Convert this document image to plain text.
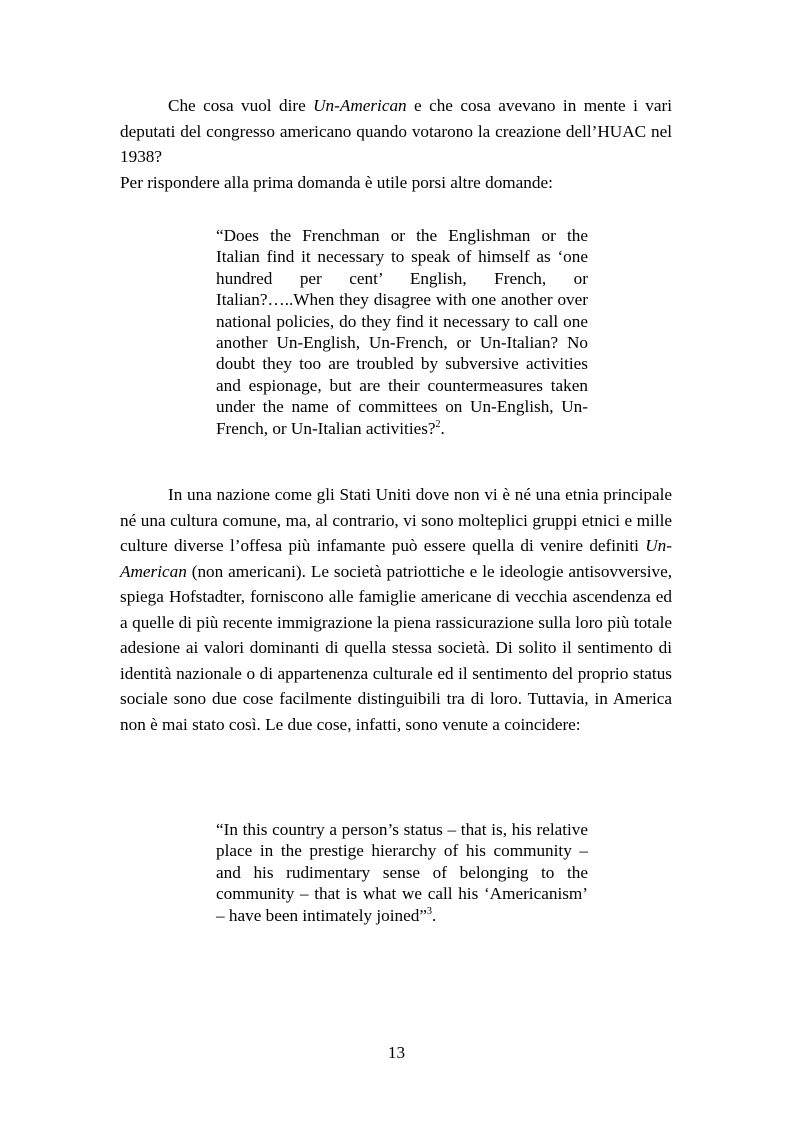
Che cosa vuol dire Un-American e che cosa avevano in mente i vari deputati del congresso americano quando votarono la creazione dell’HUAC nel 1938?

Per rispondere alla prima domanda è utile porsi altre domande:

“Does the Frenchman or the Englishman or the Italian find it necessary to speak of himself as ‘one hundred per cent’ English, French, or Italian?…..When they disagree with one another over national policies, do they find it necessary to call one another Un-English, Un-French, or Un-Italian? No doubt they too are troubled by subversive activities and espionage, but are their countermeasures taken under the name of committees on Un-English, Un-French, or Un-Italian activities?$^2$.

In una nazione come gli Stati Uniti dove non vi è né una etnia principale né una cultura comune, ma, al contrario, vi sono molteplici gruppi etnici e mille culture diverse l’offesa più infamante può essere quella di venire definiti Un-American (non americani). Le società patriottiche e le ideologie antisovversive, spiega Hofstadter, forniscono alle famiglie americane di vecchia ascendenza ed a quelle di più recente immigrazione la piena rassicurazione sulla loro più totale adesione ai valori dominanti di quella stessa società. Di solito il sentimento di identità nazionale o di appartenenza culturale ed il sentimento del proprio status sociale sono due cose facilmente distinguibili tra di loro. Tuttavia, in America non è mai stato così. Le due cose, infatti, sono venute a coincidere:

“In this country a person’s status – that is, his relative place in the prestige hierarchy of his community – and his rudimentary sense of belonging to the community – that is what we call his ‘Americanism’ – have been intimately joined”$^3$.

13
